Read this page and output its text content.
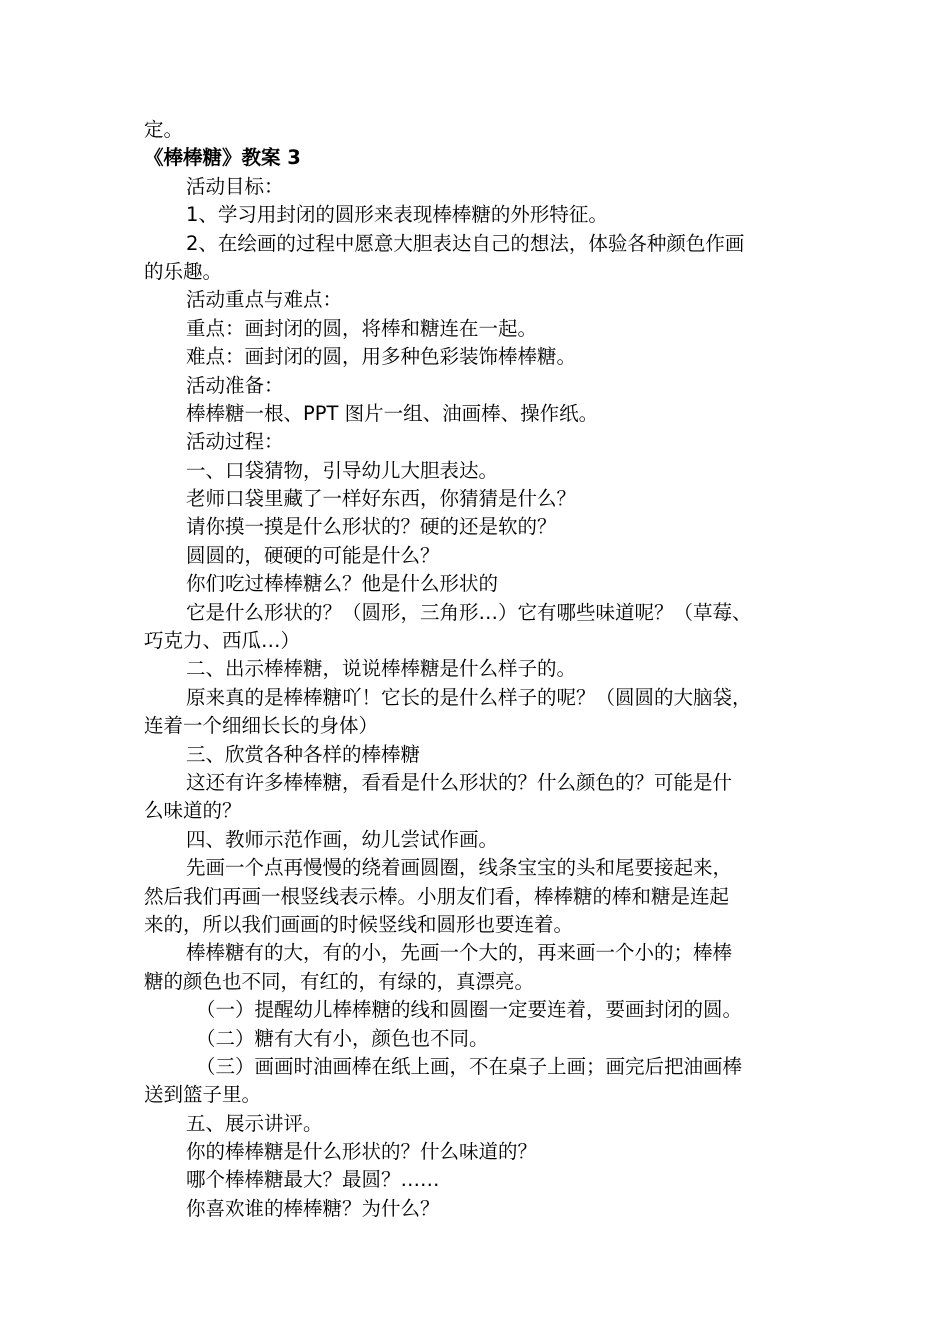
定。
《棒棒糖》教案 3
活动目标：
1、学习用封闭的圆形来表现棒棒糖的外形特征。
2、在绘画的过程中愿意大胆表达自己的想法，体验各种颜色作画
的乐趣。
活动重点与难点：
重点：画封闭的圆，将棒和糖连在一起。
难点：画封闭的圆，用多种色彩装饰棒棒糖。
活动准备：
棒棒糖一根、PPT 图片一组、油画棒、操作纸。
活动过程：
一、口袋猜物，引导幼儿大胆表达。
老师口袋里藏了一样好东西，你猜猜是什么？
请你摸一摸是什么形状的？硬的还是软的？
圆圆的，硬硬的可能是什么？
你们吃过棒棒糖么？他是什么形状的
它是什么形状的？（圆形，三角形…）它有哪些味道呢？（草莓、
巧克力、西瓜…）
二、出示棒棒糖，说说棒棒糖是什么样子的。
原来真的是棒棒糖吖！它长的是什么样子的呢？（圆圆的大脑袋，
连着一个细细长长的身体）
三、欣赏各种各样的棒棒糖
这还有许多棒棒糖，看看是什么形状的？什么颜色的？可能是什
么味道的？
四、教师示范作画，幼儿尝试作画。
先画一个点再慢慢的绕着画圆圈，线条宝宝的头和尾要接起来，
然后我们再画一根竖线表示棒。小朋友们看，棒棒糖的棒和糖是连起
来的，所以我们画画的时候竖线和圆形也要连着。
棒棒糖有的大，有的小，先画一个大的，再来画一个小的；棒棒
糖的颜色也不同，有红的，有绿的，真漂亮。
（一）提醒幼儿棒棒糖的线和圆圈一定要连着，要画封闭的圆。
（二）糖有大有小，颜色也不同。
（三）画画时油画棒在纸上画，不在桌子上画；画完后把油画棒
送到篮子里。
五、展示讲评。
你的棒棒糖是什么形状的？什么味道的？
哪个棒棒糖最大？最圆？……
你喜欢谁的棒棒糖？为什么？
